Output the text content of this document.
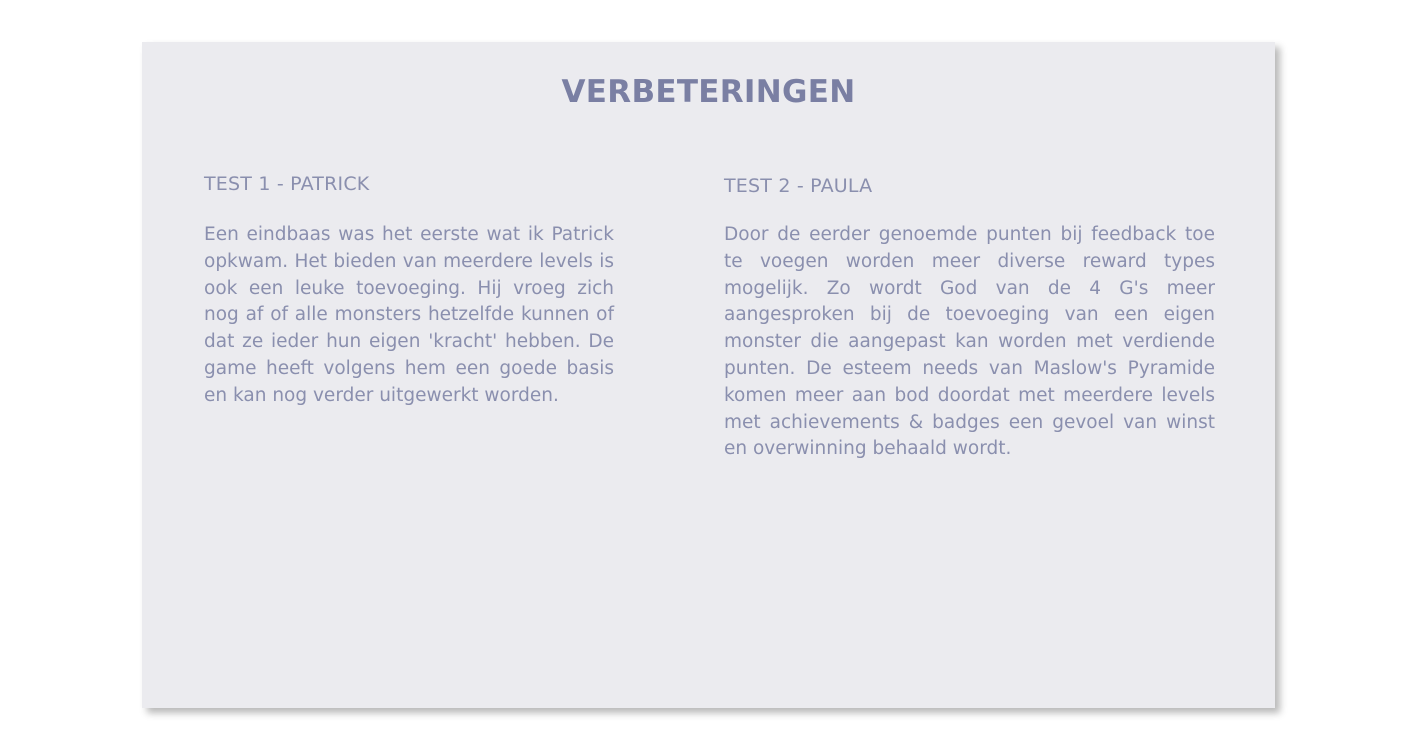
VERBETERINGEN
TEST 1 - PATRICK

Een eindbaas was het eerste wat ik Patrick opkwam. Het bieden van meerdere levels is ook een leuke toevoeging. Hij vroeg zich nog af of alle monsters hetzelfde kunnen of dat ze ieder hun eigen 'kracht' hebben. De game heeft volgens hem een goede basis en kan nog verder uitgewerkt worden.

TEST 2 - PAULA

Door de eerder genoemde punten bij feedback toe te voegen worden meer diverse reward types mogelijk. Zo wordt God van de 4 G's meer aangesproken bij de toevoeging van een eigen monster die aangepast kan worden met verdiende punten. De esteem needs van Maslow's Pyramide komen meer aan bod doordat met meerdere levels met achievements & badges een gevoel van winst en overwinning behaald wordt.
